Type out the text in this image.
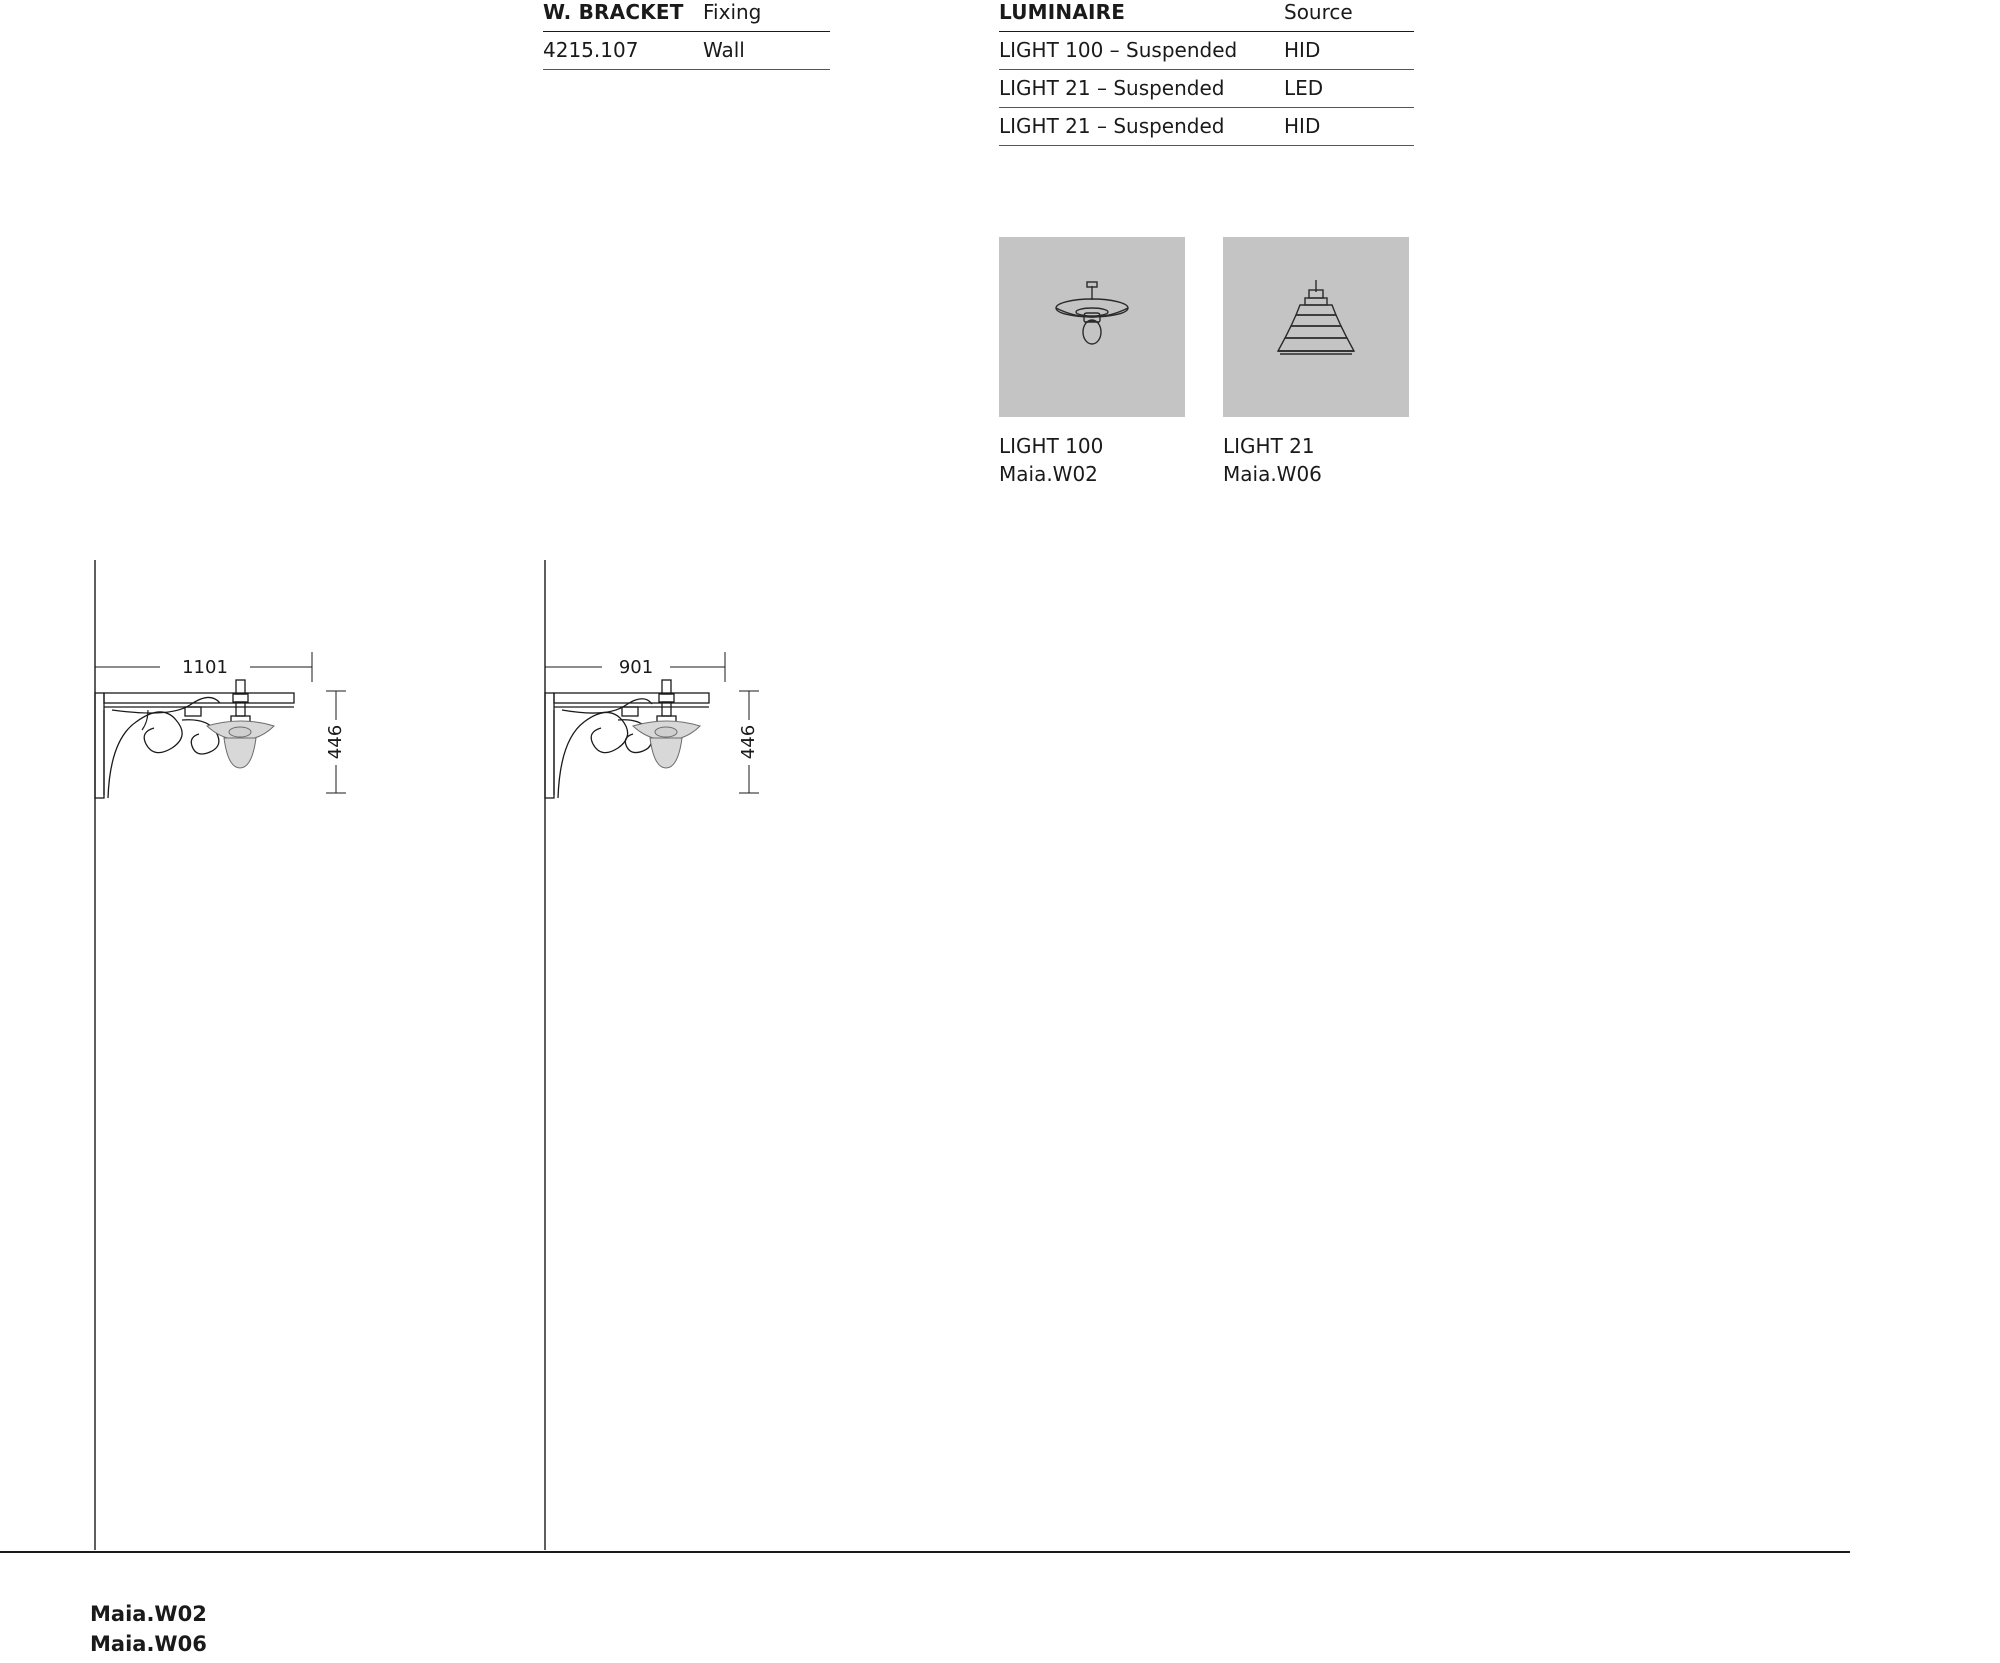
W. BRACKET	Fixing
4215.107	Wall
LUMINAIRE	Source
LIGHT 100 – Suspended	HID
LIGHT 21 – Suspended	LED
LIGHT 21 – Suspended	HID
LIGHT 100
Maia.W02
LIGHT 21
Maia.W06
1101
446
901
446
Maia.W02
Maia.W06
